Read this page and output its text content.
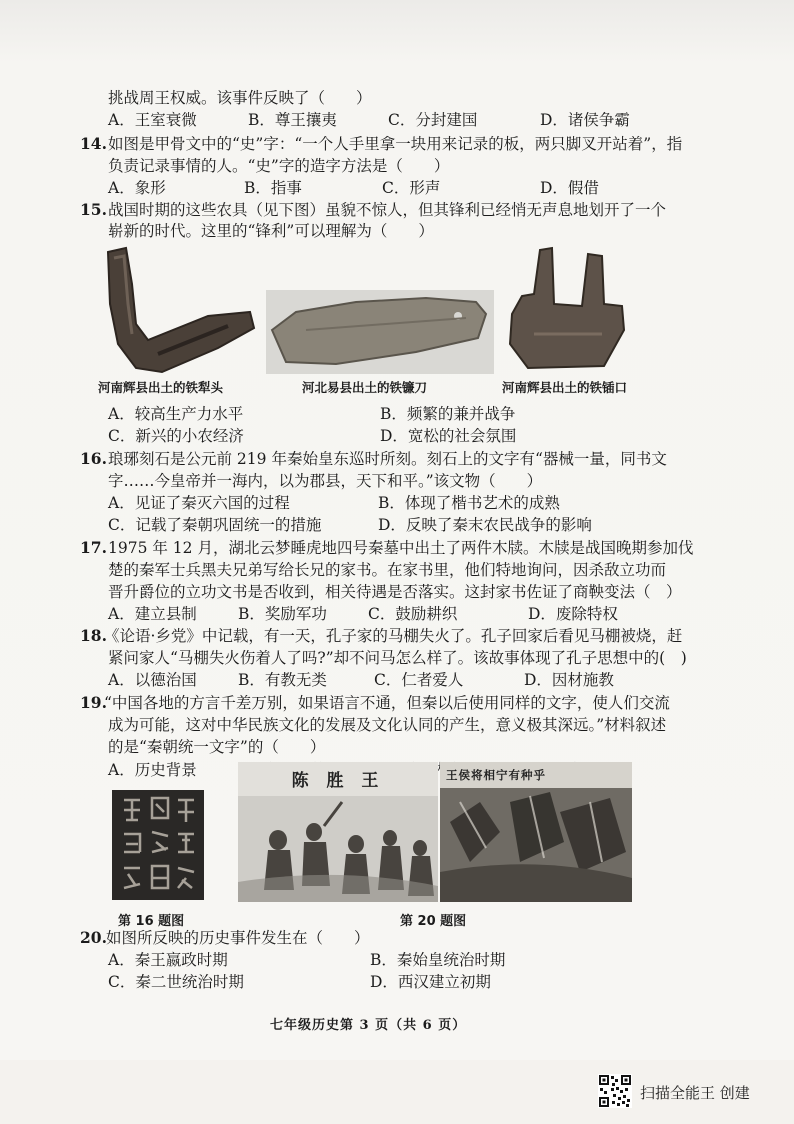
挑战周王权威。该事件反映了（　　）
A．王室衰微	B．尊王攘夷	C．分封建国	D．诸侯争霸
14. 如图是甲骨文中的“史”字：“一个人手里拿一块用来记录的板，两只脚叉开站着”，指
负责记录事情的人。“史”字的造字方法是（　　）
A．象形	B．指事	C．形声	D．假借
15. 战国时期的这些农具（见下图）虽貌不惊人，但其锋利已经悄无声息地划开了一个
崭新的时代。这里的“锋利”可以理解为（　　）
河南辉县出土的铁犁头	河北易县出土的铁镰刀	河南辉县出土的铁锸口
A．较高生产力水平	B．频繁的兼并战争
C．新兴的小农经济	D．宽松的社会氛围
16. 琅琊刻石是公元前 219 年秦始皇东巡时所刻。刻石上的文字有“器械一量，同书文
字……今皇帝并一海内，以为郡县，天下和平。”该文物（　　）
A．见证了秦灭六国的过程	B．体现了楷书艺术的成熟
C．记载了秦朝巩固统一的措施	D．反映了秦末农民战争的影响
17. 1975 年 12 月，湖北云梦睡虎地四号秦墓中出土了两件木牍。木牍是战国晚期参加伐
楚的秦军士兵黑夫兄弟写给长兄的家书。在家书里，他们特地询问，因杀敌立功而
晋升爵位的立功文书是否收到，相关待遇是否落实。这封家书佐证了商鞅变法（　）
A．建立县制	B．奖励军功	C．鼓励耕织	D．废除特权
18.
《论语·乡党》中记载，有一天，孔子家的马棚失火了。孔子回家后看见马棚被烧，赶
紧问家人“马棚失火伤着人了吗?”却不问马怎么样了。该故事体现了孔子思想中的(　)
A．以德治国	B．有教无类	C．仁者爱人	D．因材施教
19.
“中国各地的方言千差万别，如果语言不通，但秦以后使用同样的文字，使人们交流
成为可能，这对中华民族文化的发展及文化认同的产生，意义极其深远。”材料叙述
的是“秦朝统一文字”的（　　）
A．历史背景
陈 胜 王	王侯将相宁有种乎
第 16 题图	第 20 题图
20. 如图所反映的历史事件发生在（　　）
A．秦王嬴政时期	B．秦始皇统治时期
C．秦二世统治时期	D．西汉建立初期
七年级历史第 3 页（共 6 页）
扫描全能王 创建
